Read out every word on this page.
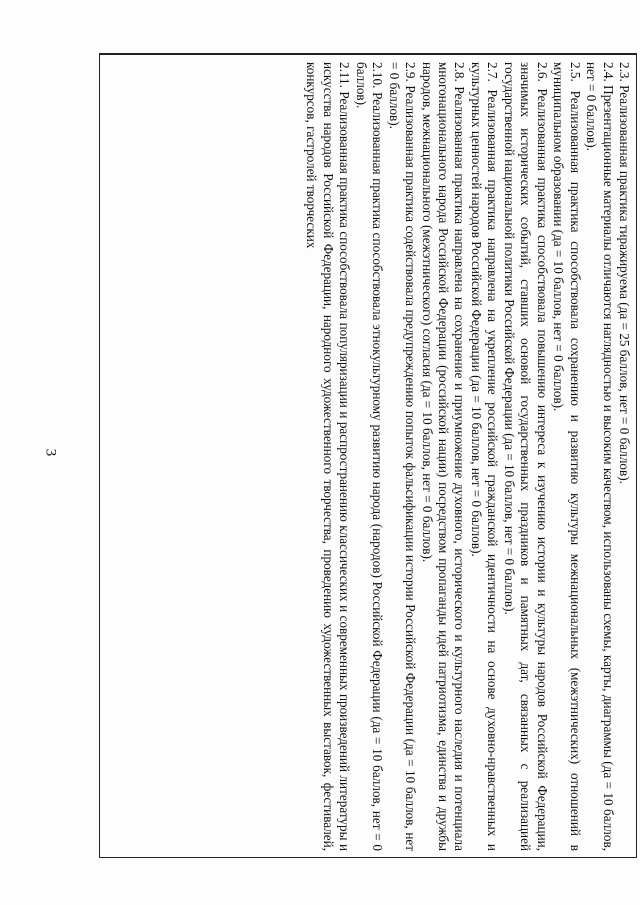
3	2.3. Реализованная практика тиражируема (да = 25 баллов, нет = 0 баллов).

2.4. Презентационные материалы отличаются наглядностью и высоким качеством, использованы схемы, карты, диаграммы (да = 10 баллов, нет = 0 баллов).

2.5. Реализованная практика способствовала сохранению и развитию культуры межнациональных (межэтнических) отношений в муниципальном образовании (да = 10 баллов, нет = 0 баллов).

2.6. Реализованная практика способствовала повышению интереса к изучению истории и культуры народов Российской Федерации, значимых исторических событий, ставших основой государственных праздников и памятных дат, связанных с реализацией государственной национальной политики Российской Федерации (да = 10 баллов, нет = 0 баллов).

2.7. Реализованная практика направлена на укрепление российской гражданской идентичности на основе духовно-нравственных и культурных ценностей народов Российской Федерации (да = 10 баллов, нет = 0 баллов).

2.8. Реализованная практика направлена на сохранение и приумножение духовного, исторического и культурного наследия и потенциала многонационального народа Российской Федерации (российской нации) посредством пропаганды идей патриотизма, единства и дружбы народов, межнационального (межэтнического) согласия (да = 10 баллов, нет = 0 баллов).

2.9. Реализованная практика содействовала предупреждению попыток фальсификации истории Российской Федерации (да = 10 баллов, нет = 0 баллов).

2.10. Реализованная практика способствовала этнокультурному развитию народа (народов) Российской Федерации (да = 10 баллов, нет = 0 баллов).

2.11. Реализованная практика способствовала популяризации и распространению классических и современных произведений литературы и искусства народов Российской Федерации, народного художественного творчества, проведению художественных выставок, фестивалей, конкурсов, гастролей творческих
